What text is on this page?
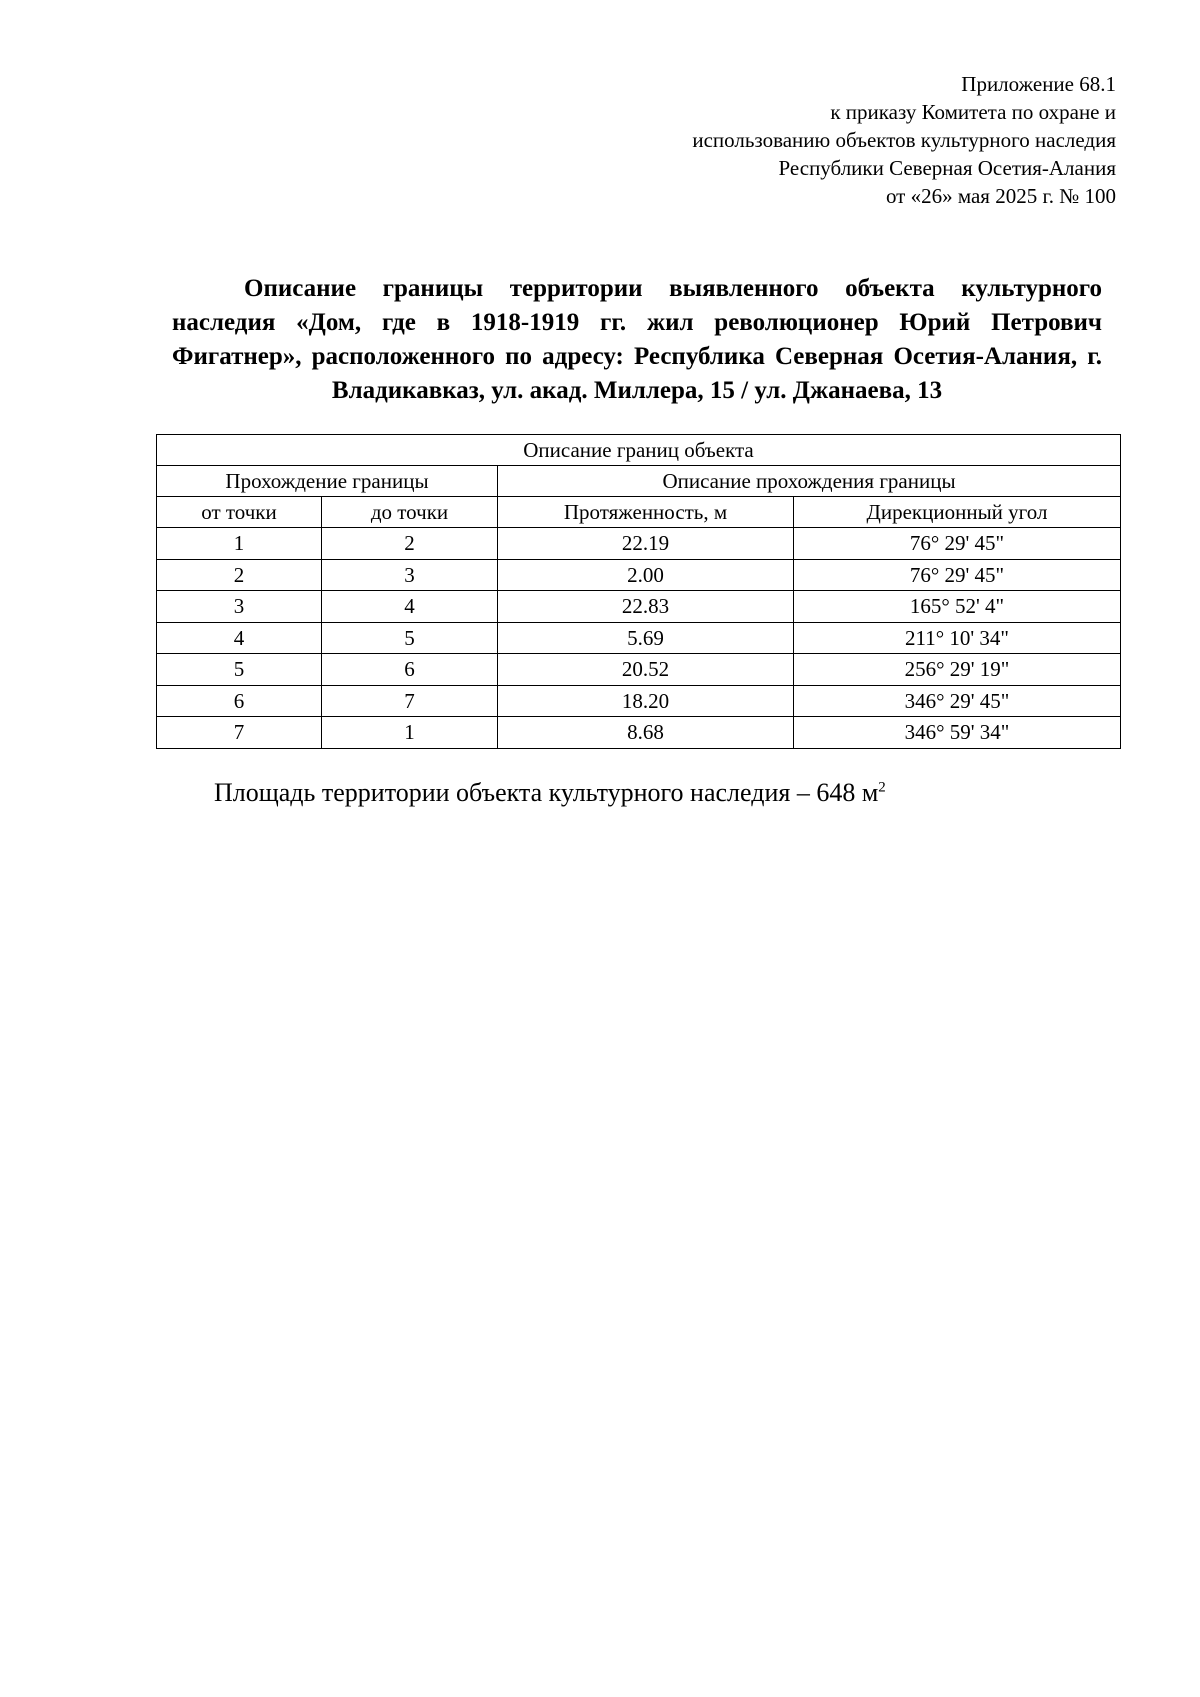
Приложение 68.1
к приказу Комитета по охране и
использованию объектов культурного наследия
Республики Северная Осетия-Алания
от «26» мая 2025 г. № 100

Описание границы территории выявленного объекта культурного наследия «Дом, где в 1918-1919 гг. жил революционер Юрий Петрович Фигатнер», расположенного по адресу: Республика Северная Осетия-Алания, г. Владикавказ, ул. акад. Миллера, 15 / ул. Джанаева, 13

Описание границ объекта			
Прохождение границы		Описание прохождения границы	
от точки	до точки	Протяженность, м	Дирекционный угол
1	2	22.19	76° 29' 45"
2	3	2.00	76° 29' 45"
3	4	22.83	165° 52' 4"
4	5	5.69	211° 10' 34"
5	6	20.52	256° 29' 19"
6	7	18.20	346° 29' 45"
7	1	8.68	346° 59' 34"
Площадь территории объекта культурного наследия – 648 $м^2$
